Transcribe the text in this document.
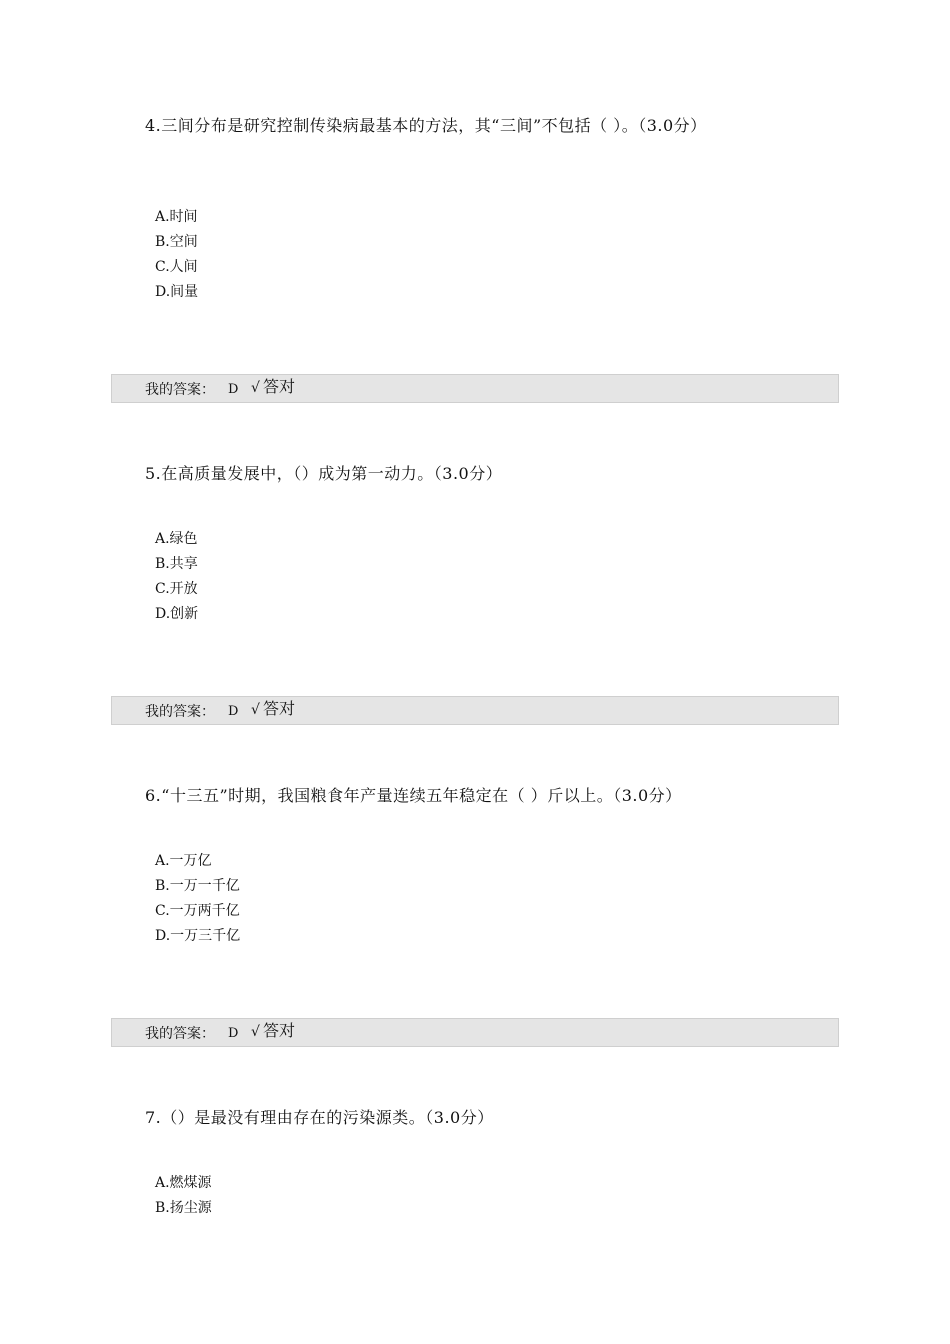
4.三间分布是研究控制传染病最基本的方法，其“三间”不包括（ ）。（3.0分）
A.时间
B.空间
C.人间
D.间量
我的答案： D √ 答对
5.在高质量发展中，（）成为第一动力。（3.0分）
A.绿色
B.共享
C.开放
D.创新
我的答案： D √ 答对
6.“十三五”时期，我国粮食年产量连续五年稳定在（ ）斤以上。（3.0分）
A.一万亿
B.一万一千亿
C.一万两千亿
D.一万三千亿
我的答案： D √ 答对
7.（）是最没有理由存在的污染源类。（3.0分）
A.燃煤源
B.扬尘源
